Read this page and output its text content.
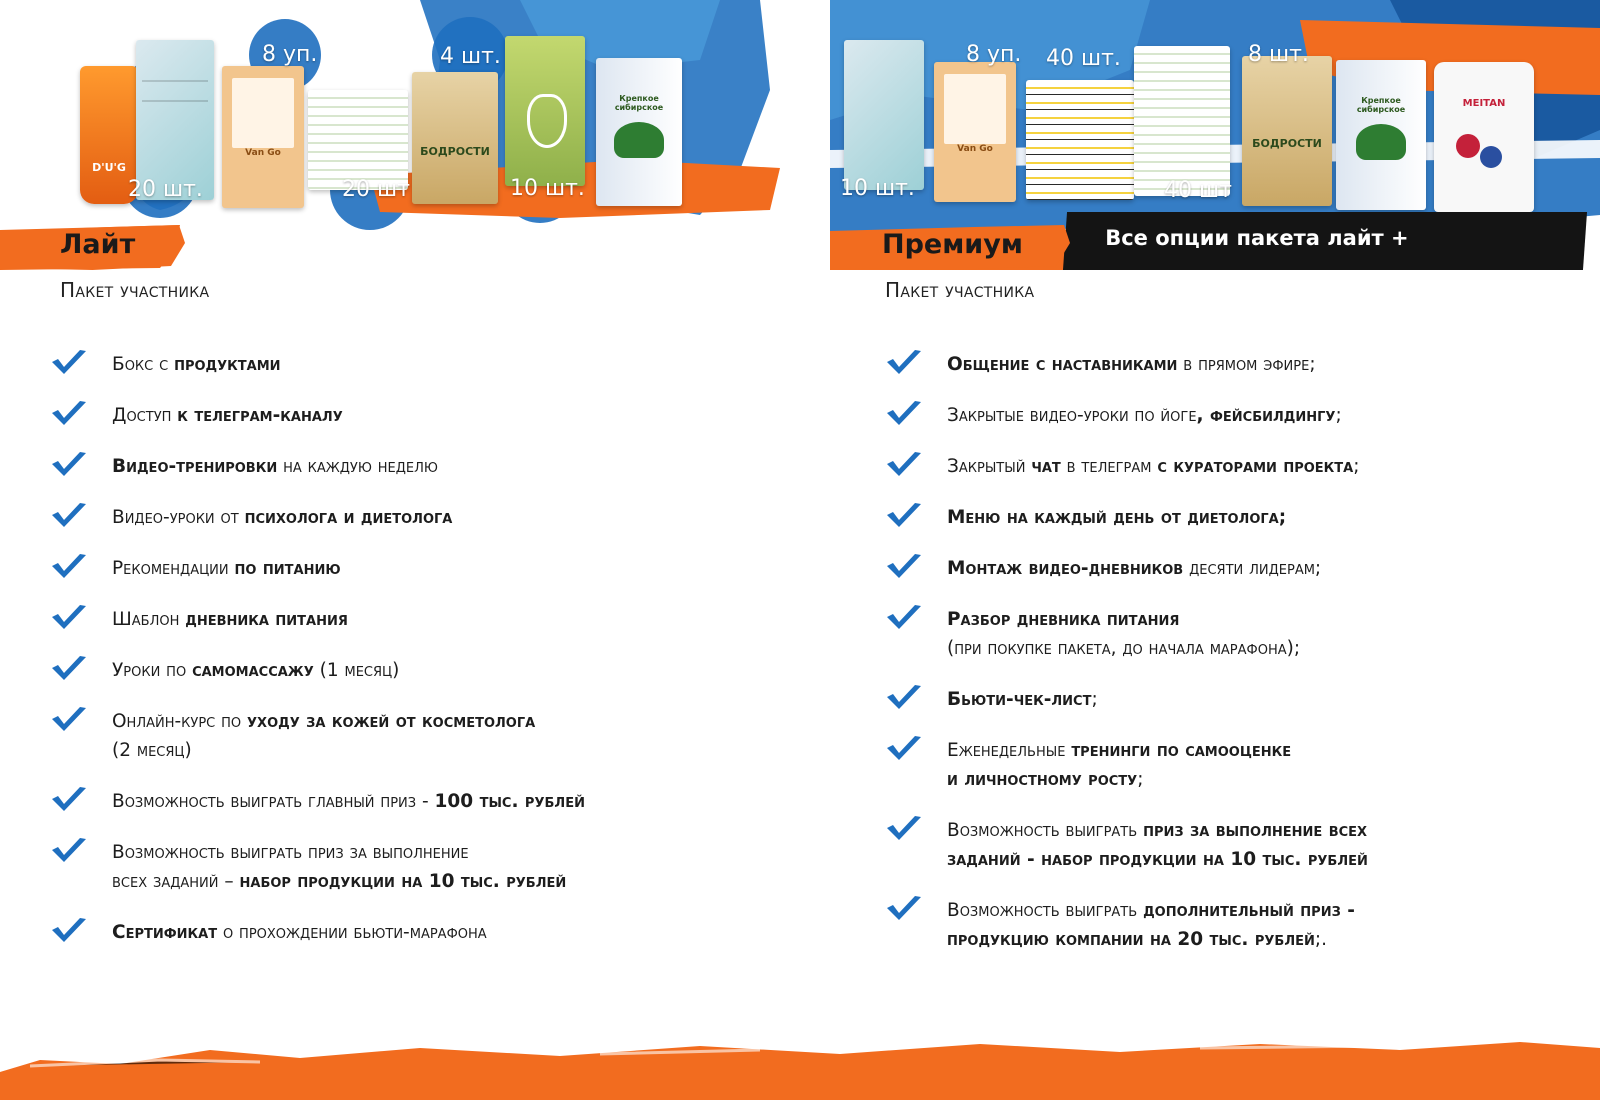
D'U'G
Van Go	БОДРОСТИ
Крепкое сибирское
20 шт.
8 уп.
20 шт
4 шт.
10 шт.
Лайт
Пакет участника
Бокс с продуктами
Доступ к телеграм-каналу
Видео-тренировки на каждую неделю
Видео-уроки от психолога и диетолога
Рекомендации по питанию
Шаблон дневника питания
Уроки по самомассажу (1 месяц)
Онлайн-курс по уходу за кожей от косметолога
(2 месяц)
Возможность выиграть главный приз - 100 тыс. рублей
Возможность выиграть приз за выполнение
всех заданий – набор продукции на 10 тыс. рублей
Сертификат о прохождении бьюти-марафона
Van Go	БОДРОСТИ
Крепкое сибирское
MEITAN
10 шт.
8 уп. 40 шт.
40 шт
8 шт.
Все опции пакета лайт +
Премиум
Пакет участника
Общение с наставниками в прямом эфире;
Закрытые видео-уроки по йоге, фейсбилдингу;
Закрытый чат в телеграм с кураторами проекта;
Меню на каждый день от диетолога;
Монтаж видео-дневников десяти лидерам;
Разбор дневника питания
(при покупке пакета, до начала марафона);
Бьюти-чек-лист;
Еженедельные тренинги по самооценке
и личностному росту;
Возможность выиграть приз за выполнение всех
заданий - набор продукции на 10 тыс. рублей
Возможность выиграть дополнительный приз -
продукцию компании на 20 тыс. рублей;.
